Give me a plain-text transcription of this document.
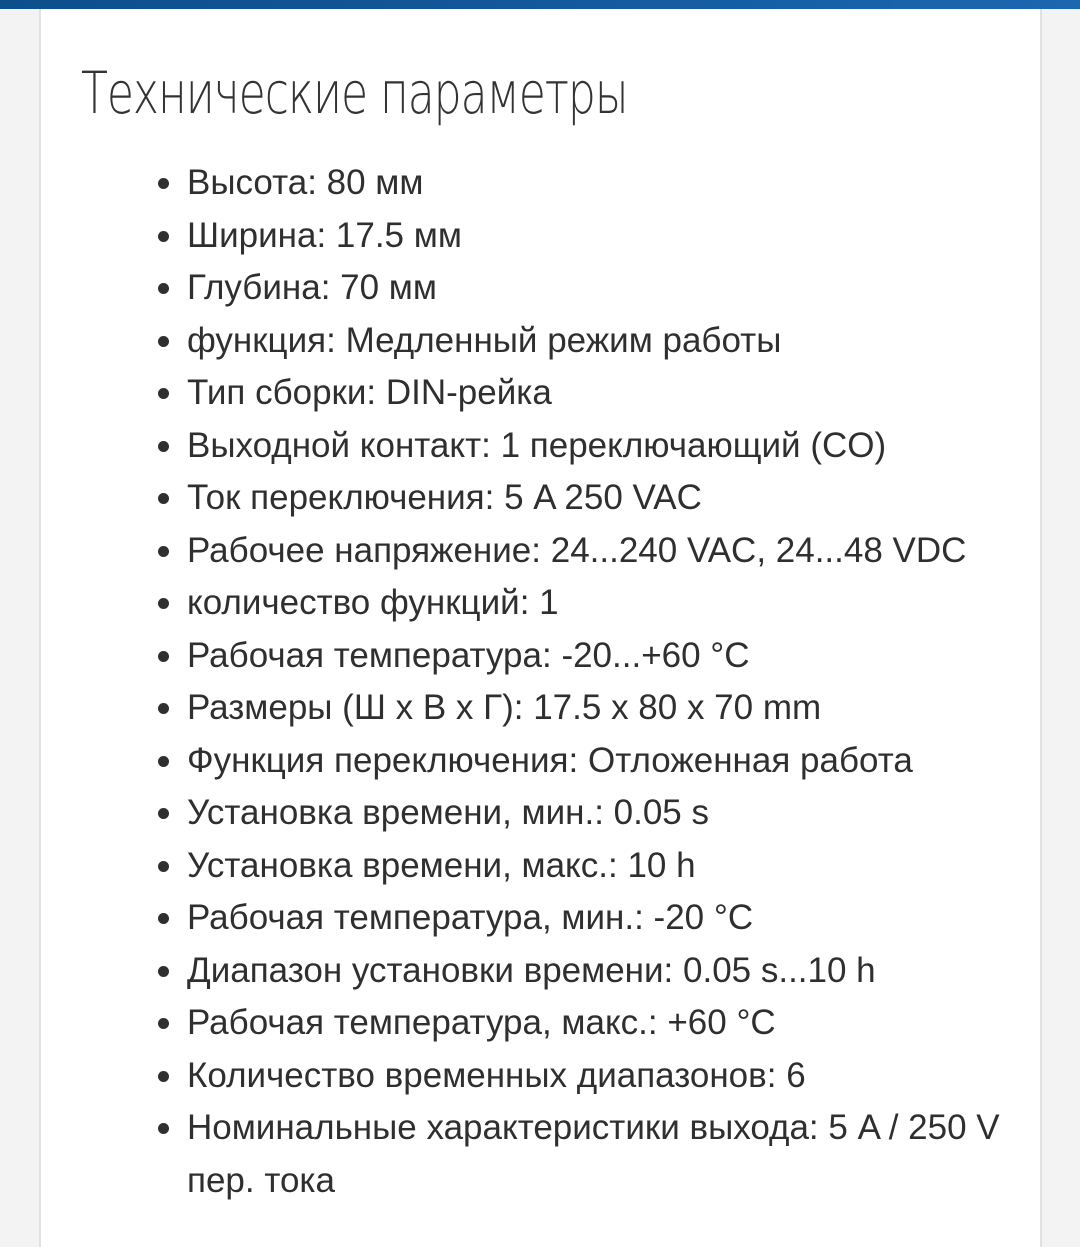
Технические параметры
Высота: 80 мм
Ширина: 17.5 мм
Глубина: 70 мм
функция: Медленный режим работы
Тип сборки: DIN-рейка
Выходной контакт: 1 переключающий (CO)
Ток переключения: 5 A 250 VAC
Рабочее напряжение: 24...240 VAC, 24...48 VDC
количество функций: 1
Рабочая температура: -20...+60 °C
Размеры (Ш x В x Г): 17.5 x 80 x 70 mm
Функция переключения: Отложенная работа
Установка времени, мин.: 0.05 s
Установка времени, макс.: 10 h
Рабочая температура, мин.: -20 °C
Диапазон установки времени: 0.05 s...10 h
Рабочая температура, макс.: +60 °C
Количество временных диапазонов: 6
Номинальные характеристики выхода: 5 A / 250 V пер. тока
